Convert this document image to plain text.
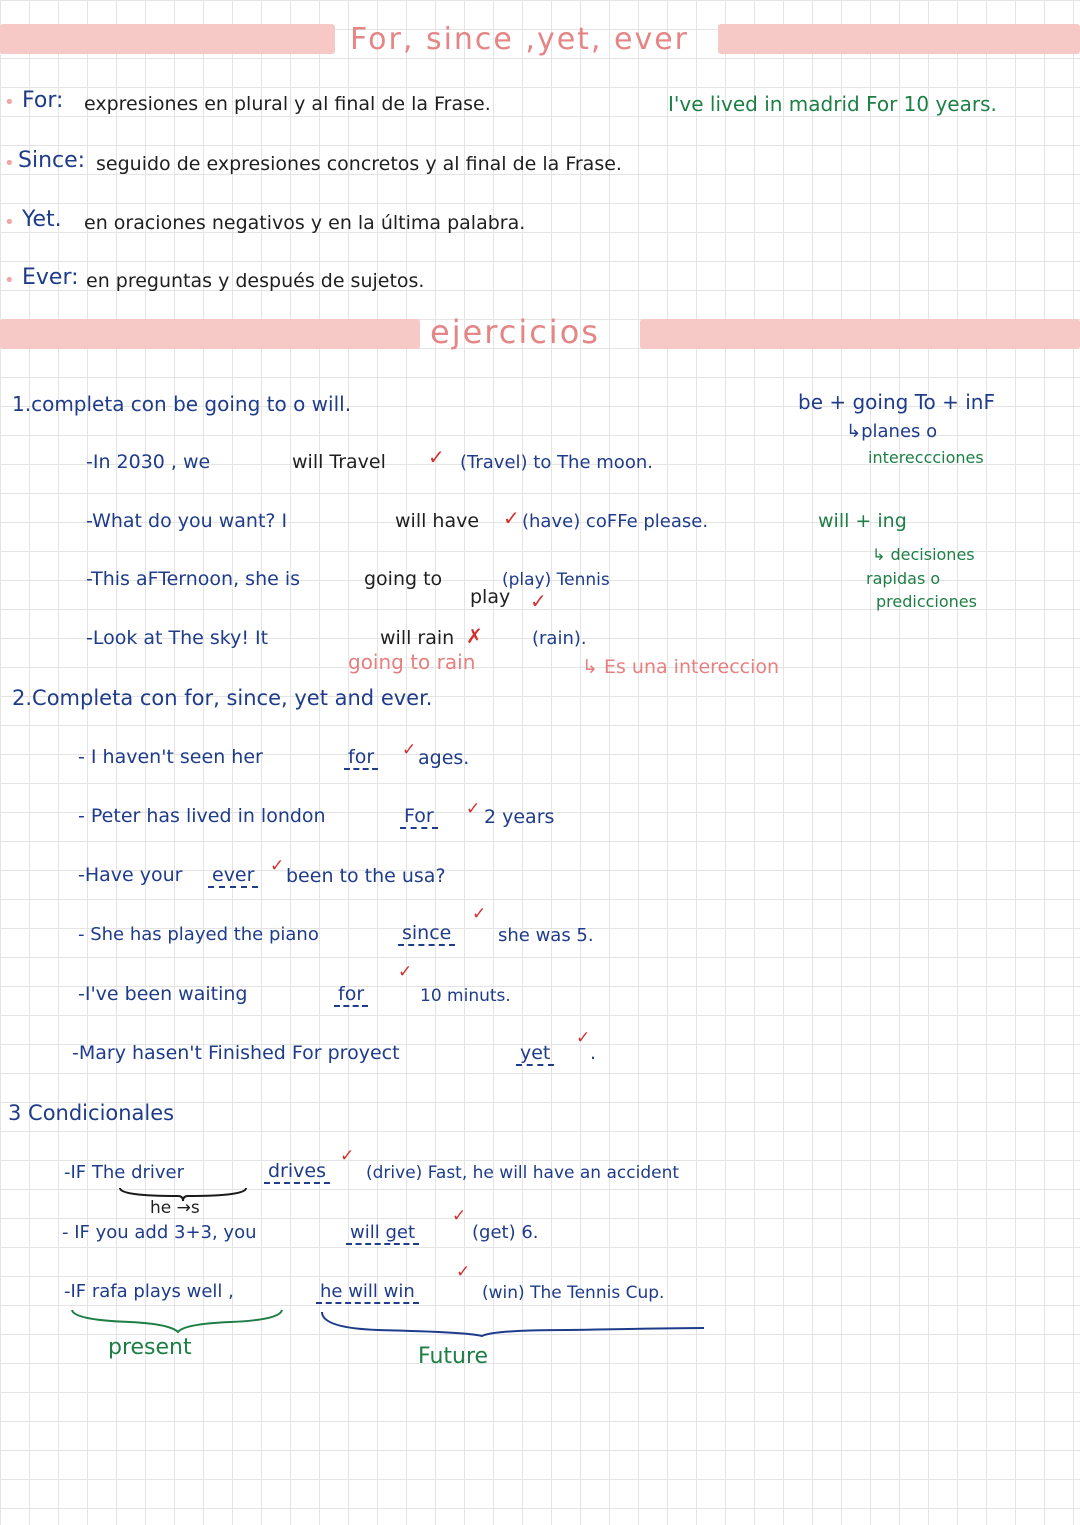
For, since ,yet, ever
• For: expresiones en plural y al final de la Frase.	I've lived in madrid For 10 years.
• Since: seguido de expresiones concretos y al final de la Frase.
• Yet. en oraciones negativos y en la última palabra.
• Ever: en preguntas y después de sujetos.
ejercicios
1.completa con be going to o will.
-In 2030 , we	will Travel ✓ (Travel) to The moon.
-What do you want? I	will have ✓ (have) coFFe please.
-This aFTernoon, she is	going to	(play) Tennis
play ✓
-Look at The sky! It	will rain ✗	(rain).
going to rain	↳ Es una intereccion
be + going To + inF
↳planes o
intereccciones
will + ing
↳ decisiones
rapidas o
predicciones
2.Completa con for, since, yet and ever.
- I haven't seen her	for ✓ ages.
- Peter has lived in london	For ✓ 2 years
-Have your ever ✓ been to the usa?
- She has played the piano	since
✓
she was 5.
-I've been waiting	for
✓
10 minuts.
-Mary hasen't Finished For proyect	yet
✓
.
3 Condicionales
-IF The driver	drives
✓
(drive) Fast, he will have an accident
he →s
- IF you add 3+3, you	will get
✓
(get) 6.
-IF rafa plays well ,	he will win
✓
(win) The Tennis Cup.
present	Future
